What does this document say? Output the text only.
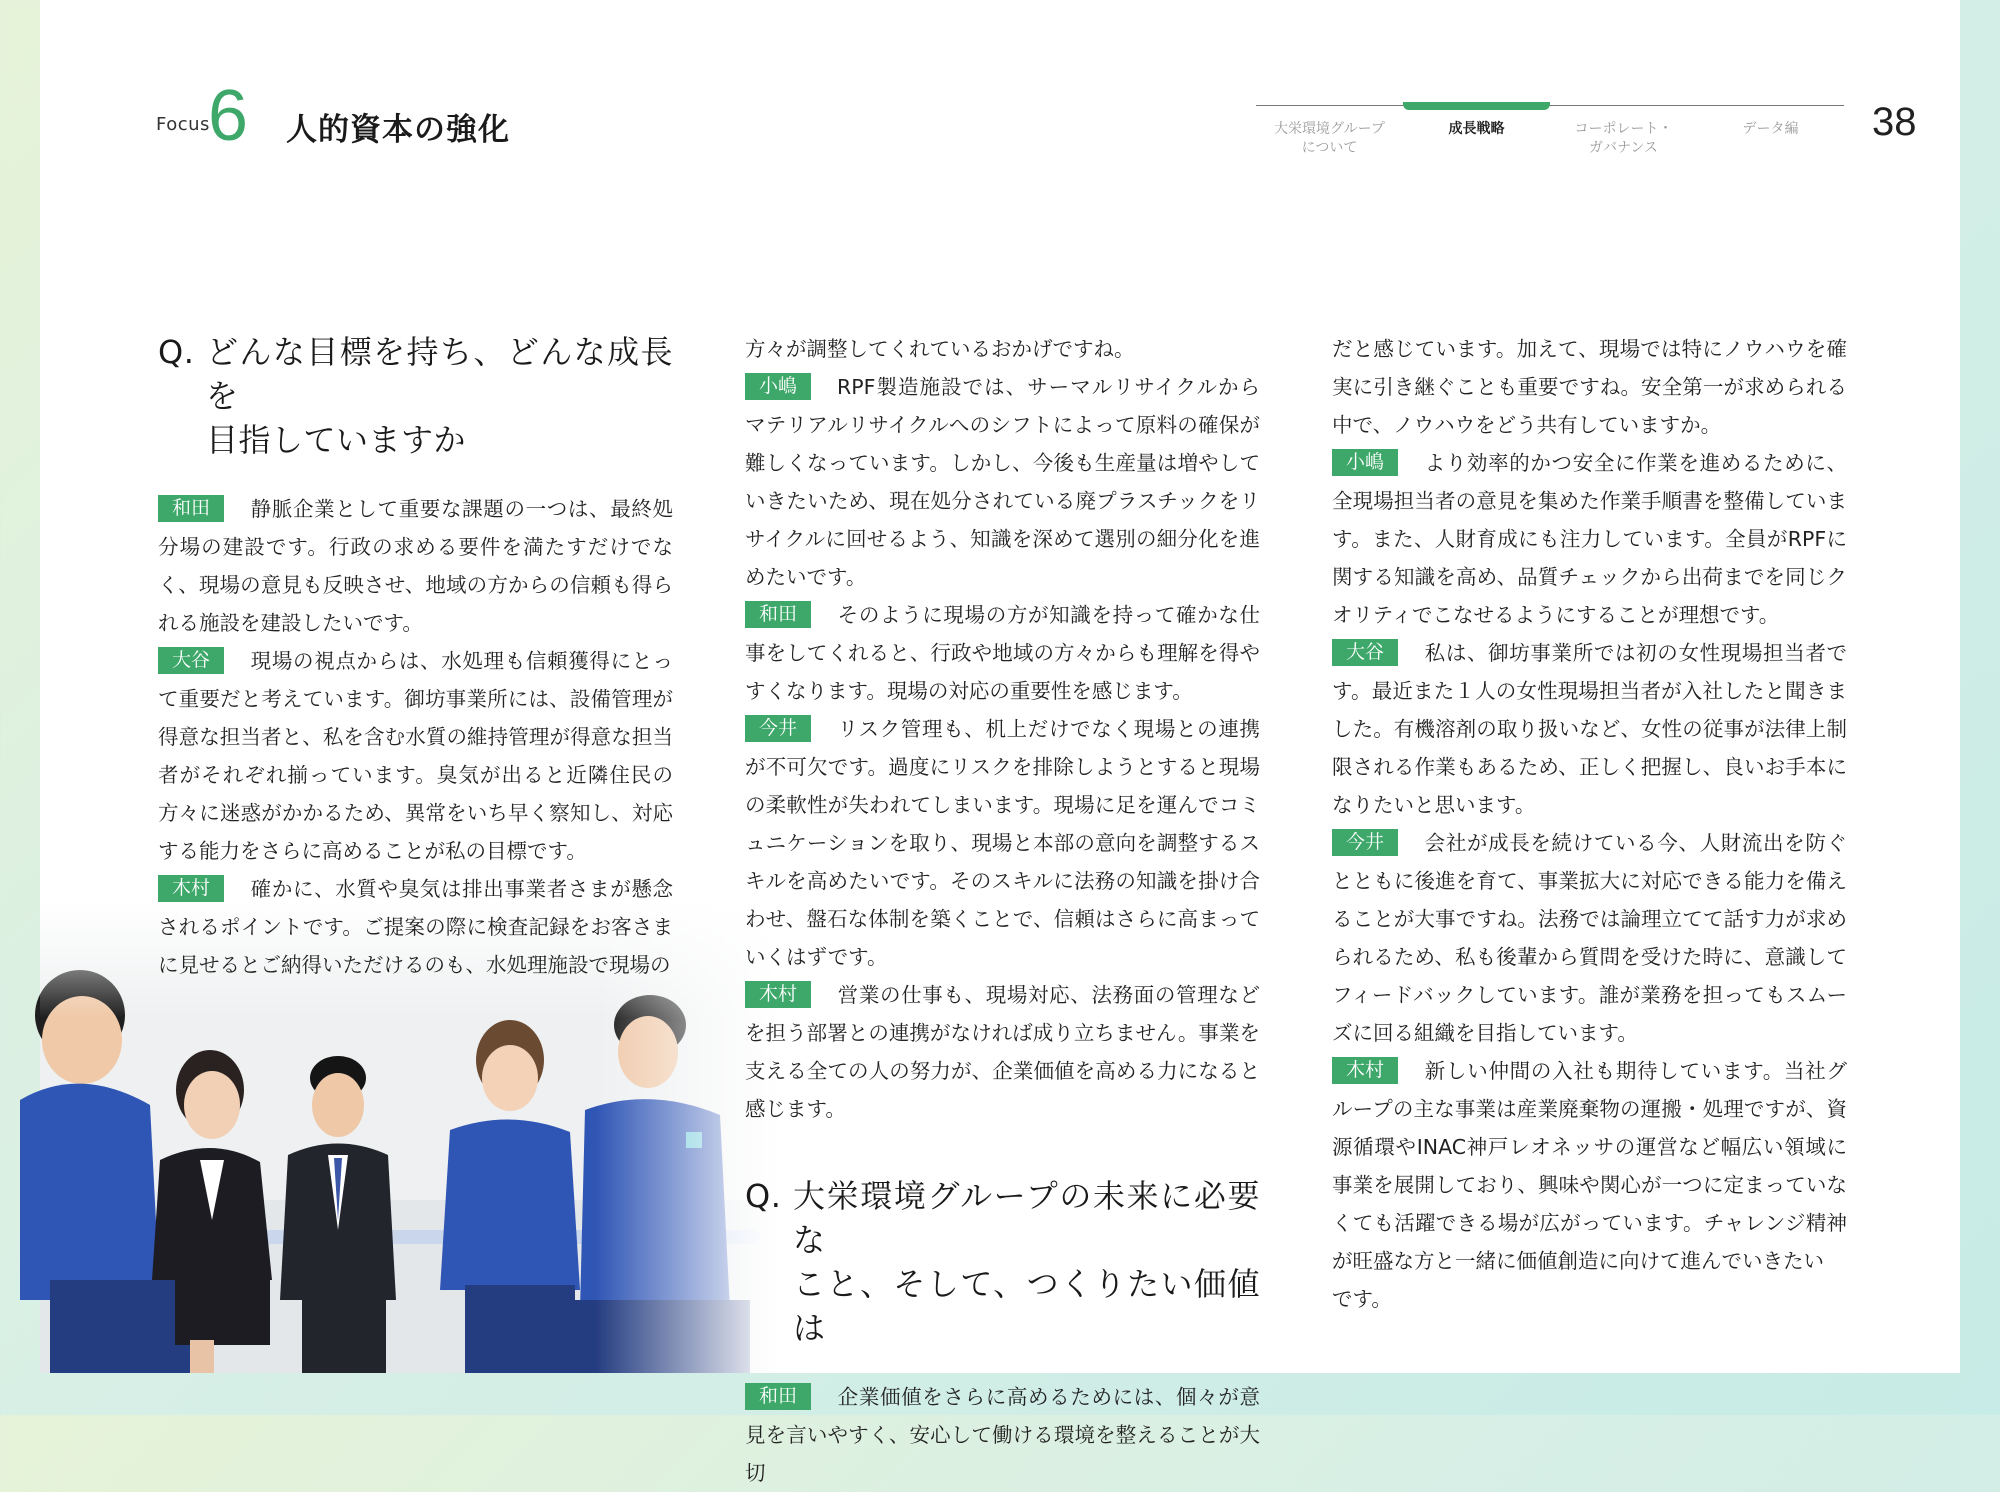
Focus
6 人的資本の強化	大栄環境グループ
について
成長戦略	コーポレート・
ガバナンス
データ編	38
Q. どんな目標を持ち、どんな成長を
目指していますか

和田 静脈企業として重要な課題の一つは、最終処分場の建設です。行政の求める要件を満たすだけでなく、現場の意見も反映させ、地域の方からの信頼も得られる施設を建設したいです。

大谷 現場の視点からは、水処理も信頼獲得にとって重要だと考えています。御坊事業所には、設備管理が得意な担当者と、私を含む水質の維持管理が得意な担当者がそれぞれ揃っています。臭気が出ると近隣住民の方々に迷惑がかかるため、異常をいち早く察知し、対応する能力をさらに高めることが私の目標です。

木村 確かに、水質や臭気は排出事業者さまが懸念されるポイントです。ご提案の際に検査記録をお客さまに見せるとご納得いただけるのも、水処理施設で現場の

方々が調整してくれているおかげですね。

小嶋 RPF製造施設では、サーマルリサイクルからマテリアルリサイクルへのシフトによって原料の確保が難しくなっています。しかし、今後も生産量は増やしていきたいため、現在処分されている廃プラスチックをリサイクルに回せるよう、知識を深めて選別の細分化を進めたいです。

和田 そのように現場の方が知識を持って確かな仕事をしてくれると、行政や地域の方々からも理解を得やすくなります。現場の対応の重要性を感じます。

今井 リスク管理も、机上だけでなく現場との連携が不可欠です。過度にリスクを排除しようとすると現場の柔軟性が失われてしまいます。現場に足を運んでコミュニケーションを取り、現場と本部の意向を調整するスキルを高めたいです。そのスキルに法務の知識を掛け合わせ、盤石な体制を築くことで、信頼はさらに高まっていくはずです。

木村 営業の仕事も、現場対応、法務面の管理などを担う部署との連携がなければ成り立ちません。事業を支える全ての人の努力が、企業価値を高める力になると感じます。

Q. 大栄環境グループの未来に必要な
こと、そして、つくりたい価値は

和田 企業価値をさらに高めるためには、個々が意見を言いやすく、安心して働ける環境を整えることが大切

だと感じています。加えて、現場では特にノウハウを確実に引き継ぐことも重要ですね。安全第一が求められる中で、ノウハウをどう共有していますか。

小嶋 より効率的かつ安全に作業を進めるために、全現場担当者の意見を集めた作業手順書を整備しています。また、人財育成にも注力しています。全員がRPFに関する知識を高め、品質チェックから出荷までを同じクオリティでこなせるようにすることが理想です。

大谷 私は、御坊事業所では初の女性現場担当者です。最近また１人の女性現場担当者が入社したと聞きました。有機溶剤の取り扱いなど、女性の従事が法律上制限される作業もあるため、正しく把握し、良いお手本になりたいと思います。

今井 会社が成長を続けている今、人財流出を防ぐとともに後進を育て、事業拡大に対応できる能力を備えることが大事ですね。法務では論理立てて話す力が求められるため、私も後輩から質問を受けた時に、意識してフィードバックしています。誰が業務を担ってもスムーズに回る組織を目指しています。

木村 新しい仲間の入社も期待しています。当社グループの主な事業は産業廃棄物の運搬・処理ですが、資源循環やINAC神戸レオネッサの運営など幅広い領域に事業を展開しており、興味や関心が一つに定まっていなくても活躍できる場が広がっています。チャレンジ精神が旺盛な方と一緒に価値創造に向けて進んでいきたい

です。
